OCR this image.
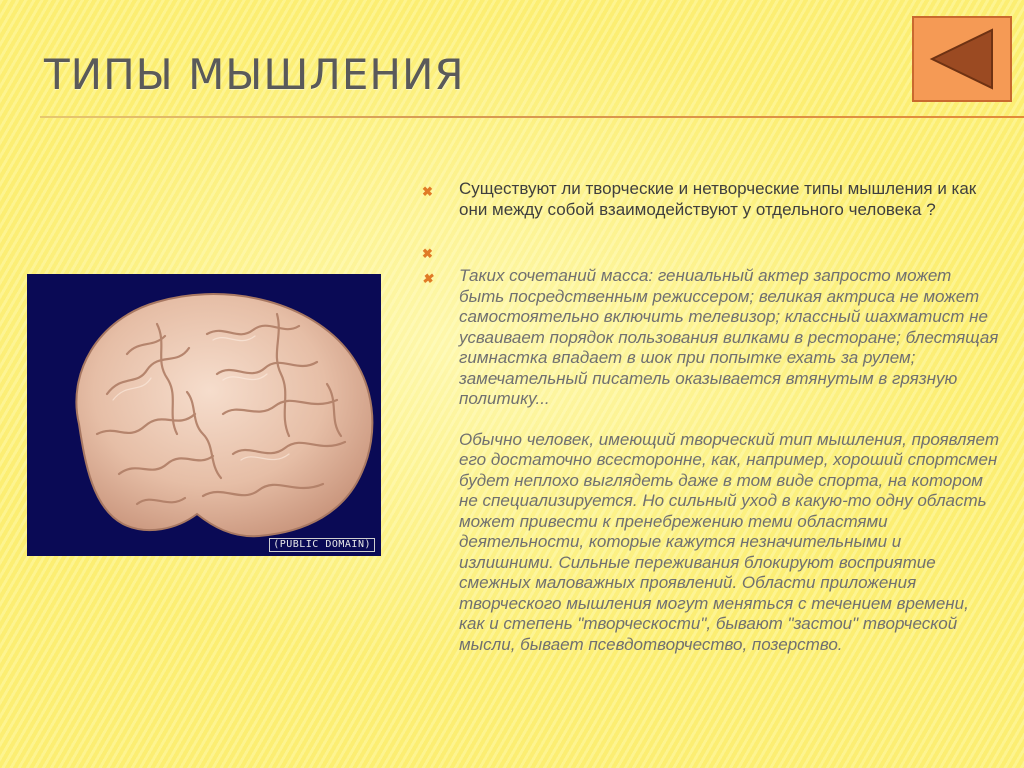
ТИПЫ МЫШЛЕНИЯ
(PUBLIC DOMAIN)
✖ Существуют ли творческие и нетворческие типы мышления и как они между собой взаимодействуют у отдельного человека ?
✖
✖ Таких сочетаний масса: гениальный актер запросто может быть посредственным режиссером; великая актриса не может самостоятельно включить телевизор; классный шахматист не усваивает порядок пользования вилками в ресторане; блестящая гимнастка впадает в шок при попытке ехать за рулем; замечательный писатель оказывается втянутым в грязную политику...

Обычно человек, имеющий творческий тип мышления, проявляет его достаточно всесторонне, как, например, хороший спортсмен будет неплохо выглядеть даже в том виде спорта, на котором не специализируется. Но сильный уход в какую-то одну область может привести к пренебрежению теми областями деятельности, которые кажутся незначительными и излишними. Сильные переживания блокируют восприятие смежных маловажных проявлений. Области приложения творческого мышления могут меняться с течением времени, как и степень "творческости", бывают "застои" творческой мысли, бывает псевдотворчество, позерство.
